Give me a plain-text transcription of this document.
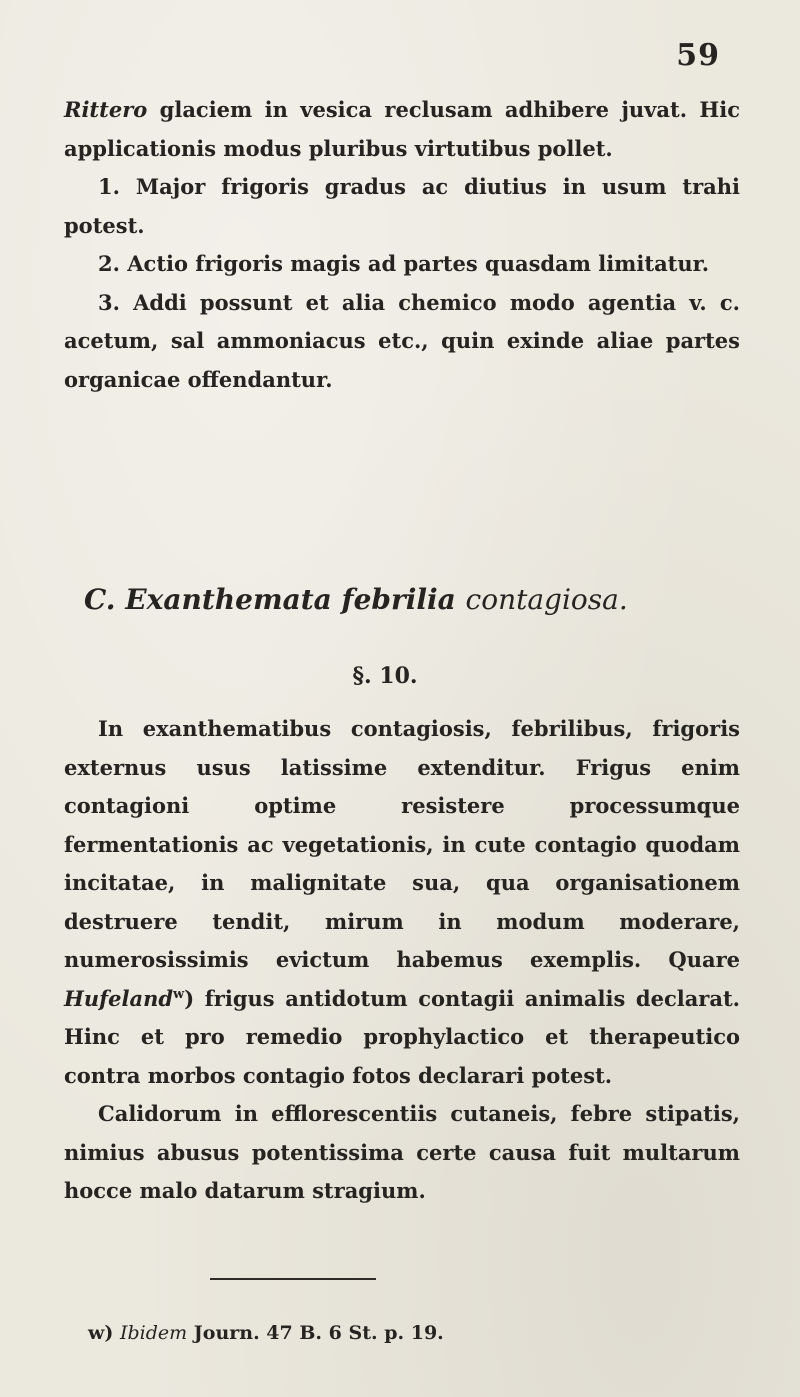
59

Rittero glaciem in vesica reclusam adhibere juvat. Hic applicationis modus pluribus virtutibus pollet.

1. Major frigoris gradus ac diutius in usum trahi potest.

2. Actio frigoris magis ad partes quasdam limitatur.

3. Addi possunt et alia chemico modo agentia v. c. acetum, sal ammoniacus etc., quin exinde aliae partes organicae offendantur.

C. Exanthemata febrilia contagiosa.
§. 10.

In exanthematibus contagiosis, febrilibus, frigoris externus usus latissime extenditur. Frigus enim contagioni optime resistere processumque fermentationis ac vegetationis, in cute contagio quodam incitatae, in malignitate sua, qua organisationem destruere tendit, mirum in modum moderare, numerosissimis evictum habemus exemplis. Quare Hufeland$^w$) frigus antidotum contagii animalis declarat. Hinc et pro remedio prophylactico et therapeutico contra morbos contagio fotos declarari potest.

Calidorum in efflorescentiis cutaneis, febre stipatis, nimius abusus potentissima certe causa fuit multarum hocce malo datarum stragium.

w) Ibidem Journ. 47 B. 6 St. p. 19.
